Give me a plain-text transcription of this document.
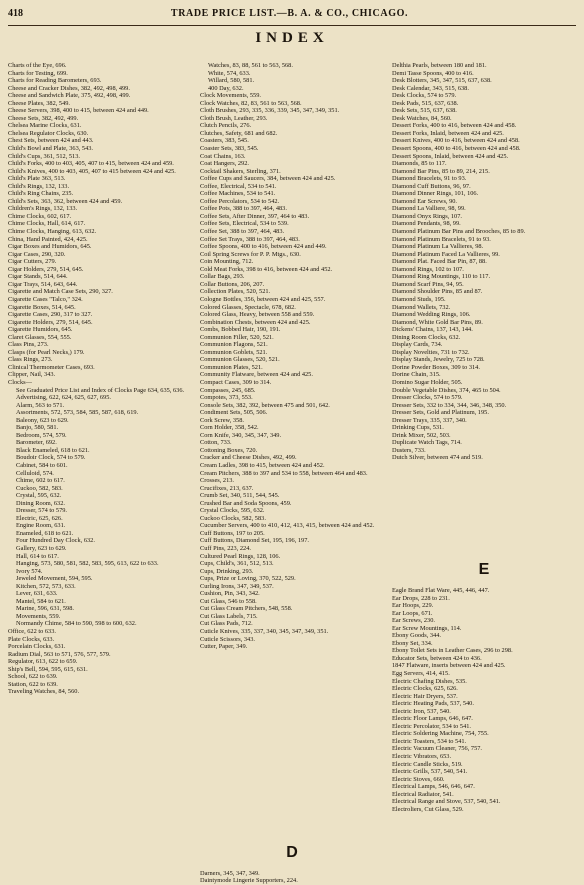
418	TRADE PRICE LIST.—B. A. & CO., CHICAGO.
INDEX
Charts of the Eye, 696.
Charts for Testing, 699.
Charts for Reading Barometers, 693.
Cheese and Cracker Dishes, 382, 492, 498, 499.
Cheese and Sandwich Plate, 375, 492, 498, 499.
Cheese Plates, 382, 549.
Cheese Servers, 398, 400 to 415, between 424 and 449.
Cheese Sets, 382, 492, 499.
Chelsea Marine Clocks, 631.
Chelsea Regulator Clocks, 630.
Chest Sets, between 424 and 443.
Child's Bowl and Plate, 363, 543.
Child's Cups, 361, 512, 513.
Child's Forks, 400 to 403, 405, 407 to 415, between 424 and 459.
Child's Knives, 400 to 403, 405, 407 to 415 between 424 and 425.
Child's Plate 363, 513.
Child's Rings, 132, 133.
Child's Ring Chains, 235.
Child's Sets, 363, 362, between 424 and 459.
Children's Rings, 132, 133.
Chime Clocks, 602, 617.
Chime Clocks, Hall, 614, 617.
Chime Clocks, Hanging, 613, 632.
China, Hand Painted, 424, 425.
Cigar Boxes and Humidors, 645.
Cigar Cases, 290, 320.
Cigar Cutters, 279.
Cigar Holders, 279, 514, 645.
Cigar Stands, 514, 644.
Cigar Trays, 514, 643, 644.
Cigarette and Match Case Sets, 290, 327.
Cigarette Cases "Talco," 324.
Cigarette Boxes, 514, 645.
Cigarette Cases, 290, 317 to 327.
Cigarette Holders, 279, 514, 645.
Cigarette Humidors, 645.
Claret Glasses, 554, 555.
Class Pins, 273.
Clasps (for Pearl Necks,) 179.
Class Rings, 273.
Clinical Thermometer Cases, 693.
Clipper, Nail, 343.
Clocks—
See Graduated Price List and Index of Clocks Page 634, 635, 636.
Advertising, 622, 624, 625, 627, 695.
Alarm, 563 to 571.
Assortments, 572, 573, 584, 585, 587, 618, 619.
Baleony, 623 to 629.
Banjo, 580, 581.
Bedroom, 574, 579.
Barometer, 692.
Black Enameled, 618 to 621.
Boudoir Clock, 574 to 579.
Cabinet, 584 to 601.
Celluloid, 574.
Chime, 602 to 617.
Cuckoo, 582, 583.
Crystal, 595, 632.
Dining Room, 632.
Dresser, 574 to 579.
Electric, 625, 626.
Engine Room, 631.
Enameled, 618 to 621.
Four Hundred Day Clock, 632.
Gallery, 623 to 629.
Hall, 614 to 617.
Hanging, 573, 580, 581, 582, 583, 595, 613, 622 to 633.
Ivory 574.
Jeweled Movement, 594, 595.
Kitchen, 572, 573, 633.
Lever, 631, 633.
Mantel, 584 to 621.
Marine, 596, 631, 598.
Movements, 559.
Normandy Chime, 584 to 590, 598 to 600, 632.
Office, 622 to 633.
Plate Clocks, 633.
Porcelain Clocks, 631.
Radium Dial, 563 to 571, 576, 577, 579.
Regulator, 613, 622 to 659.
Ship's Bell, 594, 595, 615, 631.
School, 622 to 639.
Station, 622 to 639.
Traveling Watches, 84, 560.
Watches, 83, 88, 561 to 563, 568.
White, 574, 633.
Willard, 580, 581.
400 Day, 632.
Clock Movements, 559.
Clock Watches, 82, 83, 561 to 563, 568.
Cloth Brushes, 293, 335, 336, 339, 345, 347, 349, 351.
Cloth Brush, Leather, 293.
Clutch Pencils, 276.
Clutches, Safety, 681 and 682.
Coasters, 383, 545.
Coaster Sets, 383, 545.
Coat Chains, 163.
Coat Hangers, 292.
Cocktail Shakers, Sterling, 371.
Coffee Cups and Saucers, 384, between 424 and 425.
Coffee, Electrical, 534 to 541.
Coffee Machines, 534 to 541.
Coffee Percolators, 534 to 542.
Coffee Pots, 388 to 397, 464, 483.
Coffee Sets, After Dinner, 397, 464 to 483.
Coffee Sets, Electrical, 534 to 539.
Coffee Set, 388 to 397, 464, 483.
Coffee Set Trays, 388 to 397, 464, 483.
Coffee Spoons, 400 to 416, between 424 and 449.
Coil Spring Screws for P. P. Mtgs., 630.
Coin Mounting, 712.
Cold Meat Forks, 398 to 416, between 424 and 452.
Collar Bags, 293.
Collar Buttons, 206, 207.
Collection Plates, 520, 521.
Cologne Bottles, 356, between 424 and 425, 557.
Colored Glasses, Spectacle, 678, 682.
Colored Glass, Heavy, between 558 and 559.
Combination Chests, between 424 and 425.
Combs, Bobbed Hair, 190, 191.
Communion Filler, 520, 521.
Communion Flagons, 521.
Communion Goblets, 521.
Communion Glasses, 520, 521.
Communion Plates, 521.
Community Flatware, between 424 and 425.
Compact Cases, 309 to 314.
Compasses, 245, 685.
Compotes, 373, 553.
Console Sets, 382, 392, between 475 and 501, 642.
Condiment Sets, 505, 506.
Cork Screw, 358.
Corn Holder, 358, 542.
Corn Knife, 340, 345, 347, 349.
Cotton, 733.
Cottoning Boxes, 720.
Cracker and Cheese Dishes, 492, 499.
Cream Ladles, 398 to 415, between 424 and 452.
Cream Pitchers, 388 to 397 and 534 to 558, between 464 and 483.
Crosses, 213.
Crucifixes, 213, 637.
Crumb Set, 340, 511, 544, 545.
Crushed Bar and Soda Spoons, 459.
Crystal Clocks, 595, 632.
Cuckoo Clocks, 582, 583.
Cucumber Servers, 400 to 410, 412, 413, 415, between 424 and 452.
Cuff Buttons, 197 to 205.
Cuff Buttons, Diamond Set, 195, 196, 197.
Cuff Pins, 223, 224.
Cultured Pearl Rings, 128, 106.
Cups, Child's, 361, 512, 513.
Cups, Drinking, 293.
Cups, Prize or Loving, 370, 522, 529.
Curling Irons, 347, 349, 537.
Cushion, Pin, 343, 342.
Cut Glass, 546 to 558.
Cut Glass Cream Pitchers, 548, 558.
Cut Glass Labels, 715.
Cut Glass Pads, 712.
Cuticle Knives, 335, 337, 340, 345, 347, 349, 351.
Cuticle Scissors, 343.
Cutter, Paper, 349.
D
Darners, 345, 347, 349.
Daintymode Lingerie Supporters, 224.
Delthia Pearls, between 180 and 181.
Demi Tasse Spoons, 400 to 416.
Desk Blotters, 345, 347, 515, 637, 638.
Desk Calendar, 343, 515, 638.
Desk Clocks, 574 to 579.
Desk Pads, 515, 637, 638.
Desk Sets, 515, 637, 638.
Desk Watches, 84, 560.
Dessert Forks, 400 to 416, between 424 and 458.
Dessert Forks, Inlaid, between 424 and 425.
Dessert Knives, 400 to 416, between 424 and 458.
Dessert Spoons, 400 to 416, between 424 and 458.
Dessert Spoons, Inlaid, between 424 and 425.
Diamonds, 85 to 117.
Diamond Bar Pins, 85 to 89, 214, 215.
Diamond Bracelets, 91 to 93.
Diamond Cuff Buttons, 96, 97.
Diamond Dinner Rings, 101, 106.
Diamond Ear Screws, 90.
Diamond La Valliere, 98, 99.
Diamond Onyx Rings, 107.
Diamond Pendants, 98, 99.
Diamond Platinum Bar Pins and Brooches, 85 to 89.
Diamond Platinum Bracelets, 91 to 93.
Diamond Platinum La Vallieres, 98.
Diamond Platinum Faced La Vallieres, 99.
Diamond Plat. Faced Bar Pin, 87, 88.
Diamond Rings, 102 to 107.
Diamond Ring Mountings, 110 to 117.
Diamond Scarf Pins, 94, 95.
Diamond Shoulder Pins, 85 and 87.
Diamond Studs, 195.
Diamond Wallets, 732.
Diamond Wedding Rings, 106.
Diamond, White Gold Bar Pins, 89.
Dickens' Chains, 137, 143, 144.
Dining Room Clocks, 632.
Display Cards, 734.
Display Novelties, 731 to 732.
Display Stands, Jewelry, 725 to 728.
Dorine Powder Boxes, 309 to 314.
Dorine Chain, 315.
Domino Sugar Holder, 505.
Double Vegetable Dishes, 374, 465 to 504.
Dresser Clocks, 574 to 579.
Dresser Sets, 332 to 334, 344, 346, 348, 350.
Dresser Sets, Gold and Platinum, 195.
Dresser Trays, 335, 337, 340.
Drinking Cups, 531.
Drink Mixer, 502, 503.
Duplicate Watch Tags, 714.
Dusters, 733.
Dutch Silver, between 474 and 519.
E
Eagle Brand Flat Ware, 445, 446, 447.
Ear Drops, 228 to 231.
Ear Hoops, 229.
Ear Loops, 671.
Ear Screws, 230.
Ear Screw Mountings, 114.
Ebony Goods, 344.
Ebony Set, 334.
Ebony Toilet Sets in Leather Cases, 296 to 298.
Educator Sets, between 424 to 436.
1847 Flatware, inserts between 424 and 425.
Egg Servers, 414, 415.
Electric Chafing Dishes, 535.
Electric Clocks, 625, 626.
Electric Hair Dryers, 537.
Electric Heating Pads, 537, 540.
Electric Iron, 537, 540.
Electric Floor Lamps, 646, 647.
Electric Percolator, 534 to 541.
Electric Soldering Machine, 754, 755.
Electric Toasters, 534 to 541.
Electric Vacuum Cleaner, 756, 757.
Electric Vibrators, 653.
Electric Candle Sticks, 519.
Electric Grills, 537, 540, 541.
Electric Stoves, 660.
Electrical Lamps, 546, 646, 647.
Electrical Radiator, 541.
Electrical Range and Stove, 537, 540, 541.
Electroliers, Cut Glass, 529.
